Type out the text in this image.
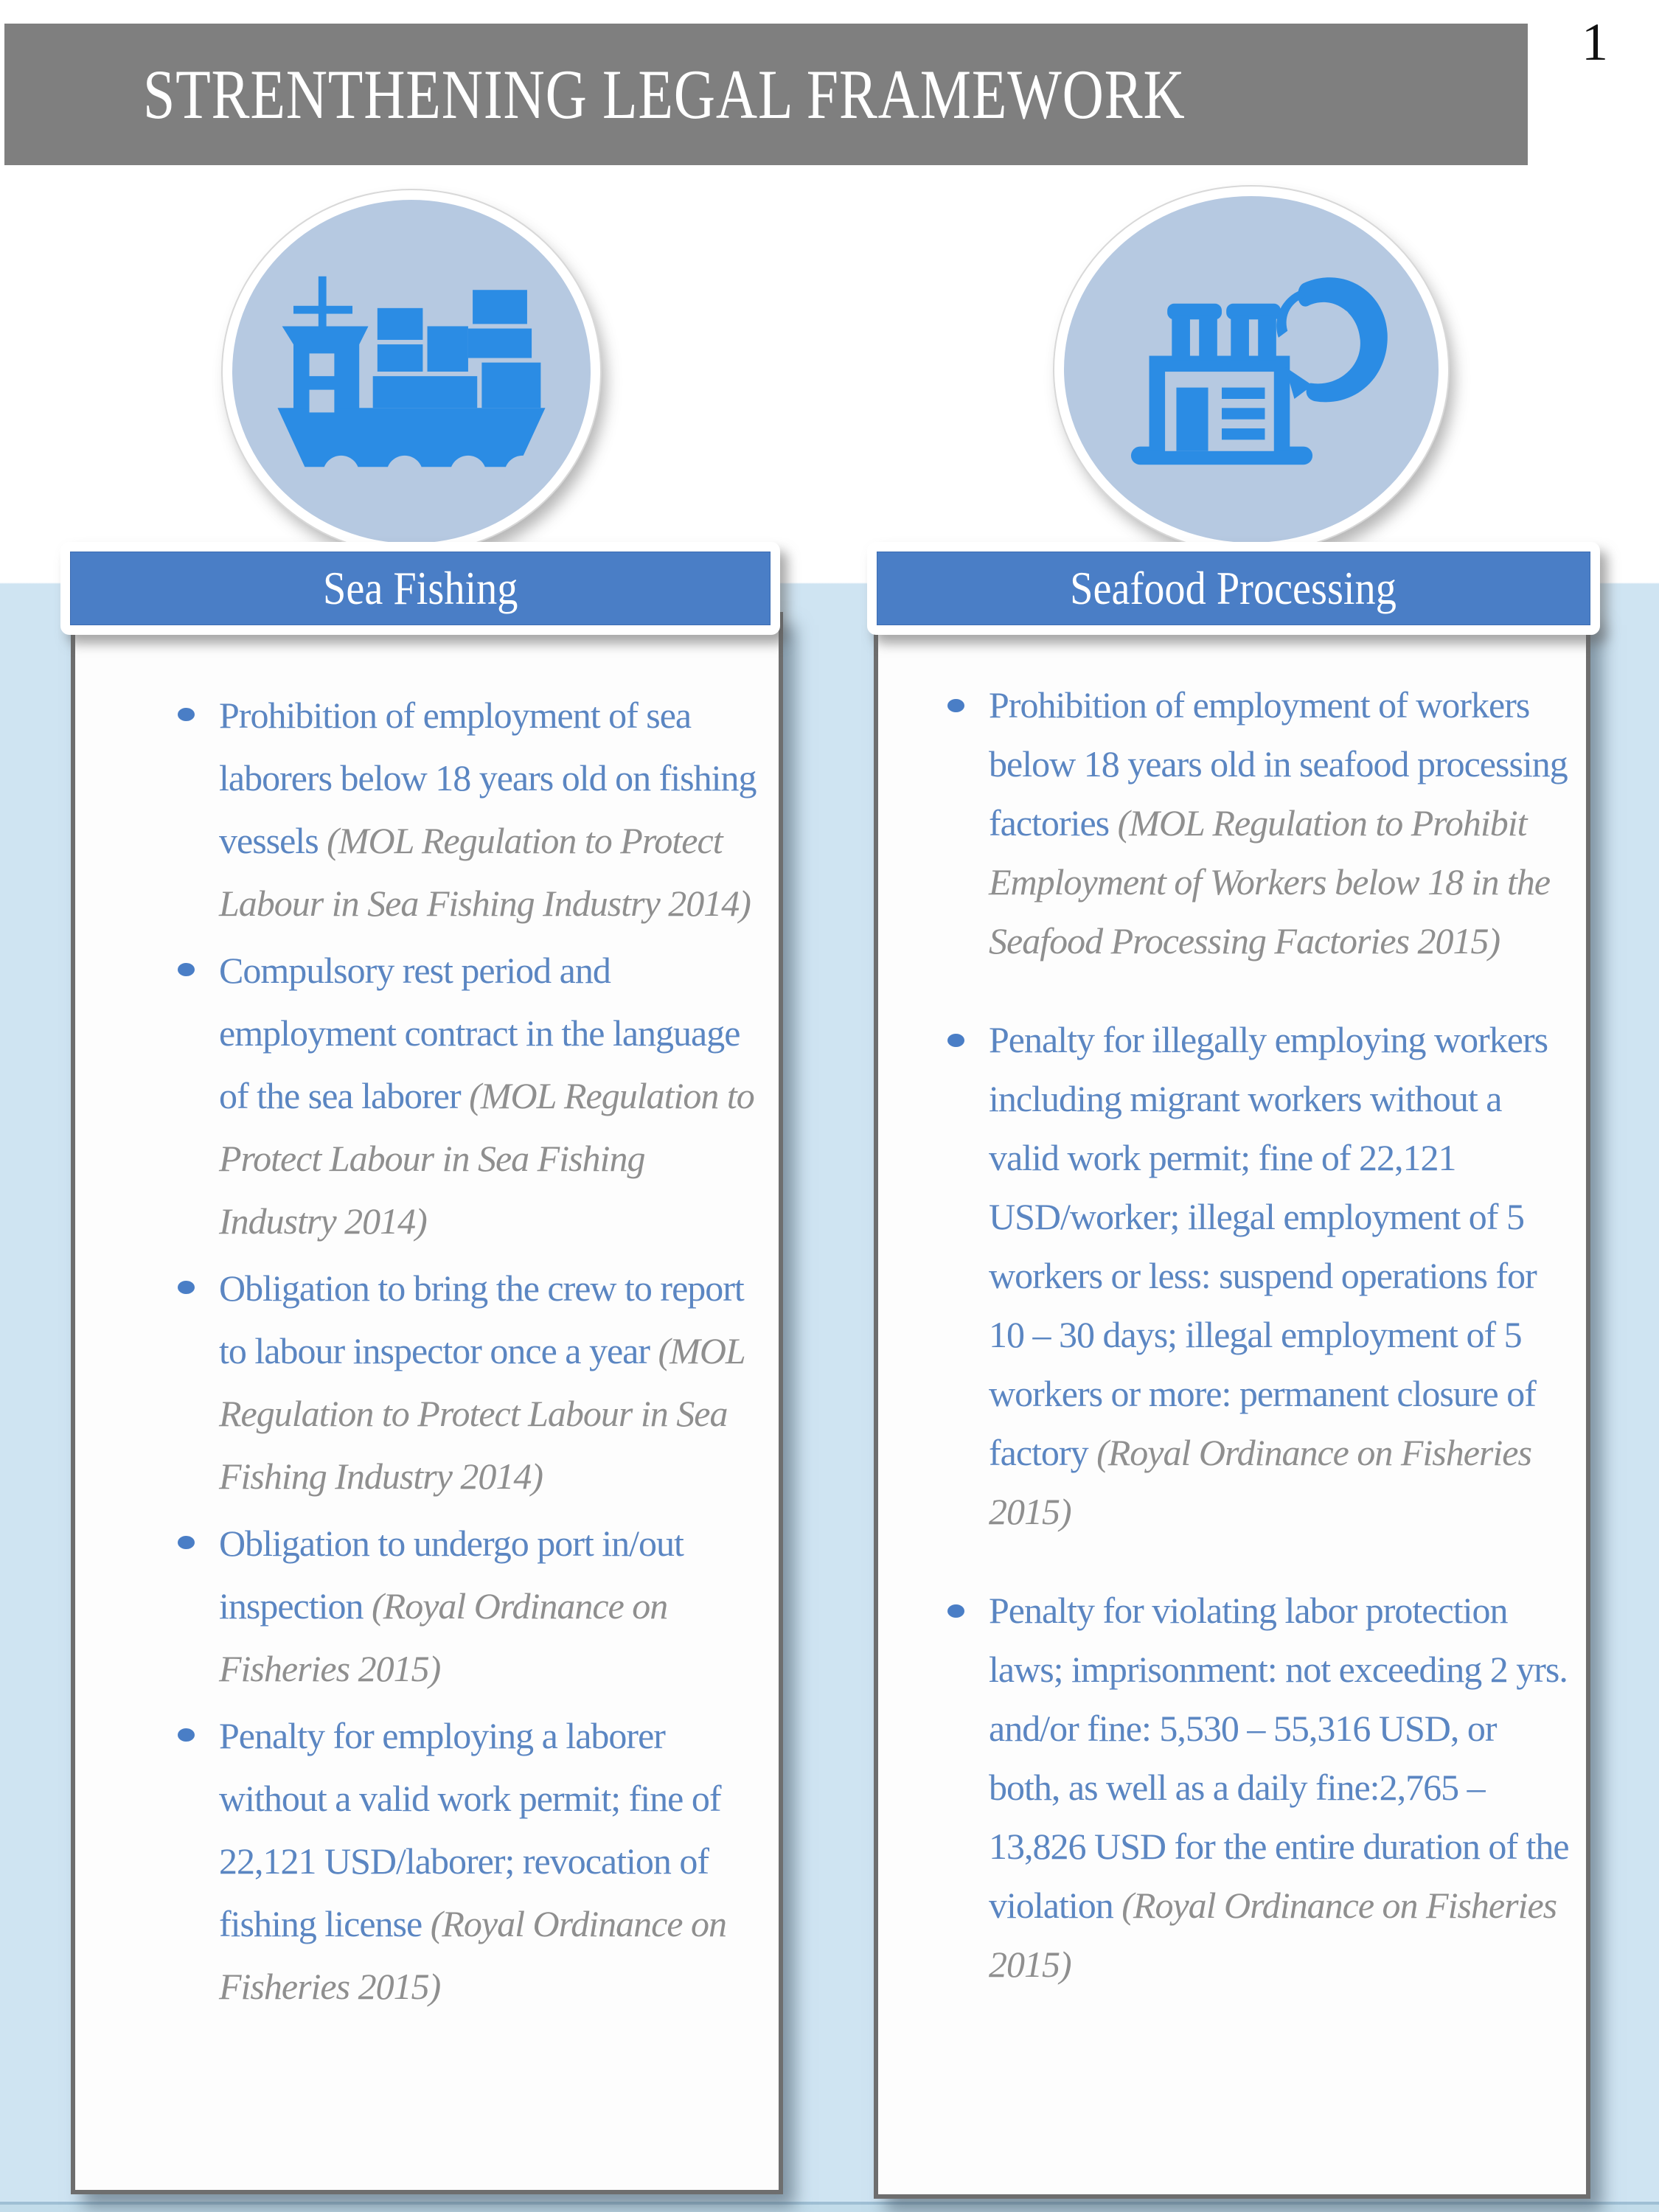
STRENTHENING LEGAL FRAMEWORK
1
Sea Fishing	Seafood Processing
Prohibition of employment of sea laborers below 18 years old on fishing vessels (MOL Regulation to Protect Labour in Sea Fishing Industry 2014)
Compulsory rest period and employment contract in the language of the sea laborer (MOL Regulation to Protect Labour in Sea Fishing Industry 2014)
Obligation to bring the crew to report to labour inspector once a year (MOL Regulation to Protect Labour in Sea Fishing Industry 2014)
Obligation to undergo port in/out inspection (Royal Ordinance on Fisheries 2015)
Penalty for employing a laborer without a valid work permit; fine of 22,121 USD/laborer; revocation of fishing license (Royal Ordinance on Fisheries 2015)
Prohibition of employment of workers below 18 years old in seafood processing factories (MOL Regulation to Prohibit Employment of Workers below 18 in the Seafood Processing Factories 2015)
Penalty for illegally employing workers including migrant workers without a valid work permit; fine of 22,121 USD/worker; illegal employment of 5 workers or less: suspend operations for 10 – 30 days; illegal employment of 5 workers or more: permanent closure of factory (Royal Ordinance on Fisheries 2015)
Penalty for violating labor protection laws; imprisonment: not exceeding 2 yrs. and/or fine: 5,530 – 55,316 USD, or both, as well as a daily fine:2,765 – 13,826 USD for the entire duration of the violation (Royal Ordinance on Fisheries 2015)
